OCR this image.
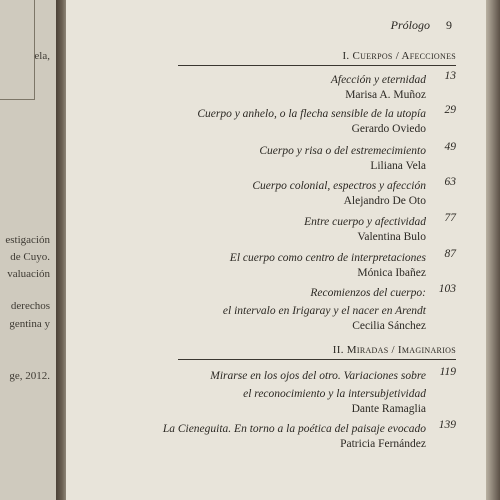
ela,
estigación
de Cuyo.
valuación
derechos
gentina y
ge, 2012.
Prólogo 9
I. Cuerpos / Afecciones
Afección y eternidad 13
Marisa A. Muñoz
Cuerpo y anhelo, o la flecha sensible de la utopía 29
Gerardo Oviedo
Cuerpo y risa o del estremecimiento 49
Liliana Vela
Cuerpo colonial, espectros y afección 63
Alejandro De Oto
Entre cuerpo y afectividad 77
Valentina Bulo
El cuerpo como centro de interpretaciones 87
Mónica Ibañez
Recomienzos del cuerpo: 103
el intervalo en Irigaray y el nacer en Arendt
Cecilia Sánchez
II. Miradas / Imaginarios
Mirarse en los ojos del otro. Variaciones sobre 119
el reconocimiento y la intersubjetividad
Dante Ramaglia
La Cieneguita. En torno a la poética del paisaje evocado 139
Patricia Fernández
